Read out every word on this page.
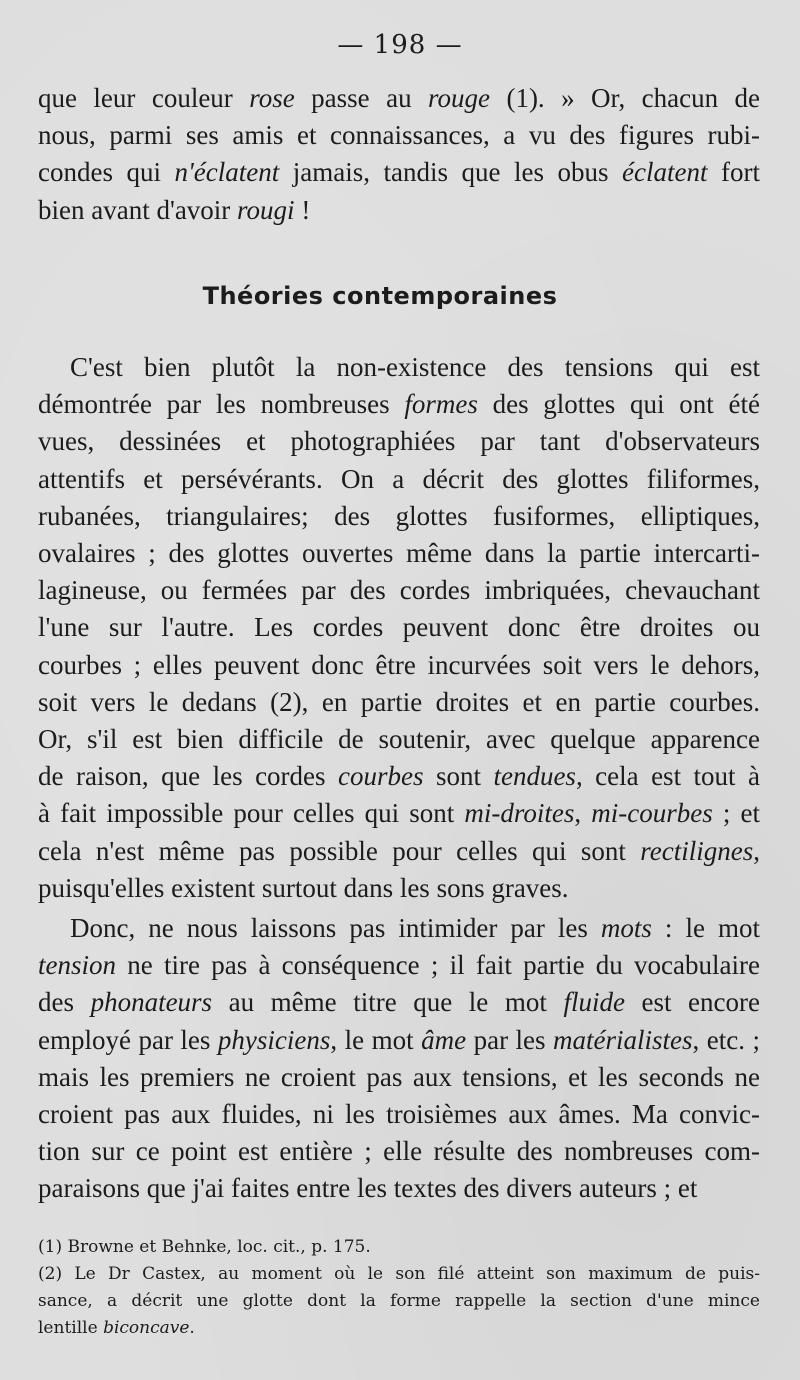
— 198 —

que leur couleur rose passe au rouge (1). » Or, chacun de
nous, parmi ses amis et connaissances, a vu des figures rubi-
condes qui n'éclatent jamais, tandis que les obus éclatent fort
bien avant d'avoir rougi !

Théories contemporaines

C'est bien plutôt la non-existence des tensions qui est
démontrée par les nombreuses formes des glottes qui ont été
vues, dessinées et photographiées par tant d'observateurs
attentifs et persévérants. On a décrit des glottes filiformes,
rubanées, triangulaires; des glottes fusiformes, elliptiques,
ovalaires ; des glottes ouvertes même dans la partie intercarti-
lagineuse, ou fermées par des cordes imbriquées, chevauchant
l'une sur l'autre. Les cordes peuvent donc être droites ou
courbes ; elles peuvent donc être incurvées soit vers le dehors,
soit vers le dedans (2), en partie droites et en partie courbes.
Or, s'il est bien difficile de soutenir, avec quelque apparence
de raison, que les cordes courbes sont tendues, cela est tout à
à fait impossible pour celles qui sont mi-droites, mi-courbes ; et
cela n'est même pas possible pour celles qui sont rectilignes,
puisqu'elles existent surtout dans les sons graves.

Donc, ne nous laissons pas intimider par les mots : le mot
tension ne tire pas à conséquence ; il fait partie du vocabulaire
des phonateurs au même titre que le mot fluide est encore
employé par les physiciens, le mot âme par les matérialistes, etc. ;
mais les premiers ne croient pas aux tensions, et les seconds ne
croient pas aux fluides, ni les troisièmes aux âmes. Ma convic-
tion sur ce point est entière ; elle résulte des nombreuses com-
paraisons que j'ai faites entre les textes des divers auteurs ; et

(1) Browne et Behnke, loc. cit., p. 175.
(2) Le Dr Castex, au moment où le son filé atteint son maximum de puis-
sance, a décrit une glotte dont la forme rappelle la section d'une mince
lentille biconcave.
